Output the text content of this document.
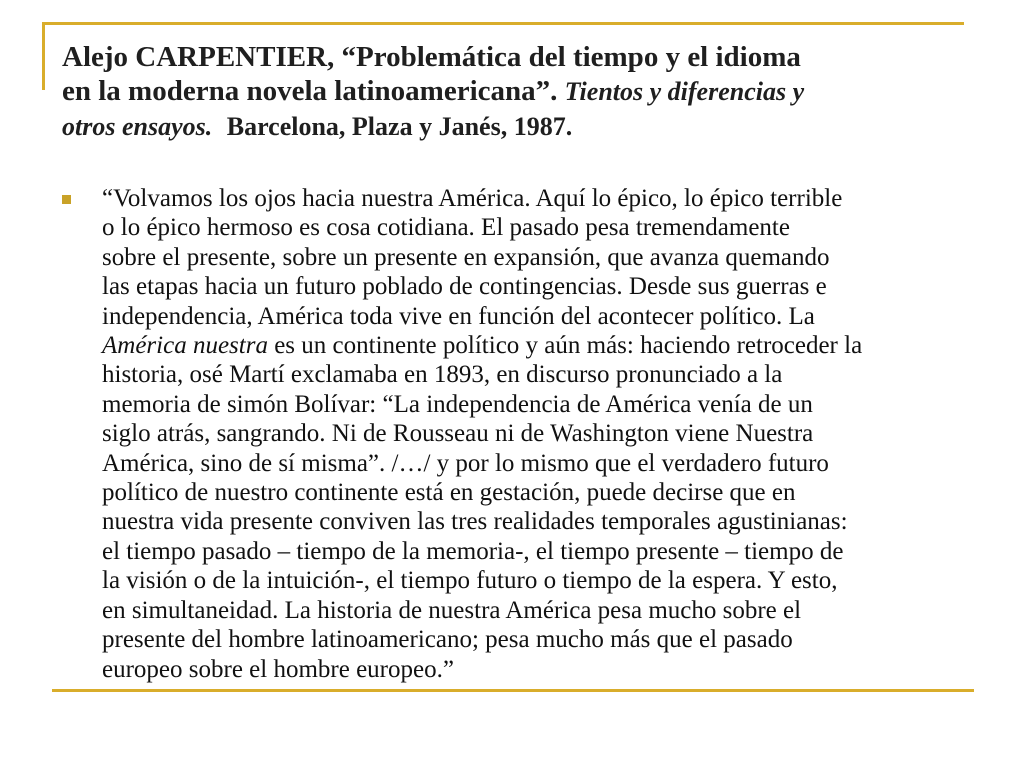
Alejo CARPENTIER, “Problemática del tiempo y el idioma
en la moderna novela latinoamericana”. Tientos y diferencias y
otros ensayos. Barcelona, Plaza y Janés, 1987.
“Volvamos los ojos hacia nuestra América. Aquí lo épico, lo épico terrible
o lo épico hermoso es cosa cotidiana. El pasado pesa tremendamente
sobre el presente, sobre un presente en expansión, que avanza quemando
las etapas hacia un futuro poblado de contingencias. Desde sus guerras e
independencia, América toda vive en función del acontecer político. La
América nuestra es un continente político y aún más: haciendo retroceder la
historia, osé Martí exclamaba en 1893, en discurso pronunciado a la
memoria de simón Bolívar: “La independencia de América venía de un
siglo atrás, sangrando. Ni de Rousseau ni de Washington viene Nuestra
América, sino de sí misma”. /…/ y por lo mismo que el verdadero futuro
político de nuestro continente está en gestación, puede decirse que en
nuestra vida presente conviven las tres realidades temporales agustinianas:
el tiempo pasado – tiempo de la memoria-, el tiempo presente – tiempo de
la visión o de la intuición-, el tiempo futuro o tiempo de la espera. Y esto,
en simultaneidad. La historia de nuestra América pesa mucho sobre el
presente del hombre latinoamericano; pesa mucho más que el pasado
europeo sobre el hombre europeo.”
